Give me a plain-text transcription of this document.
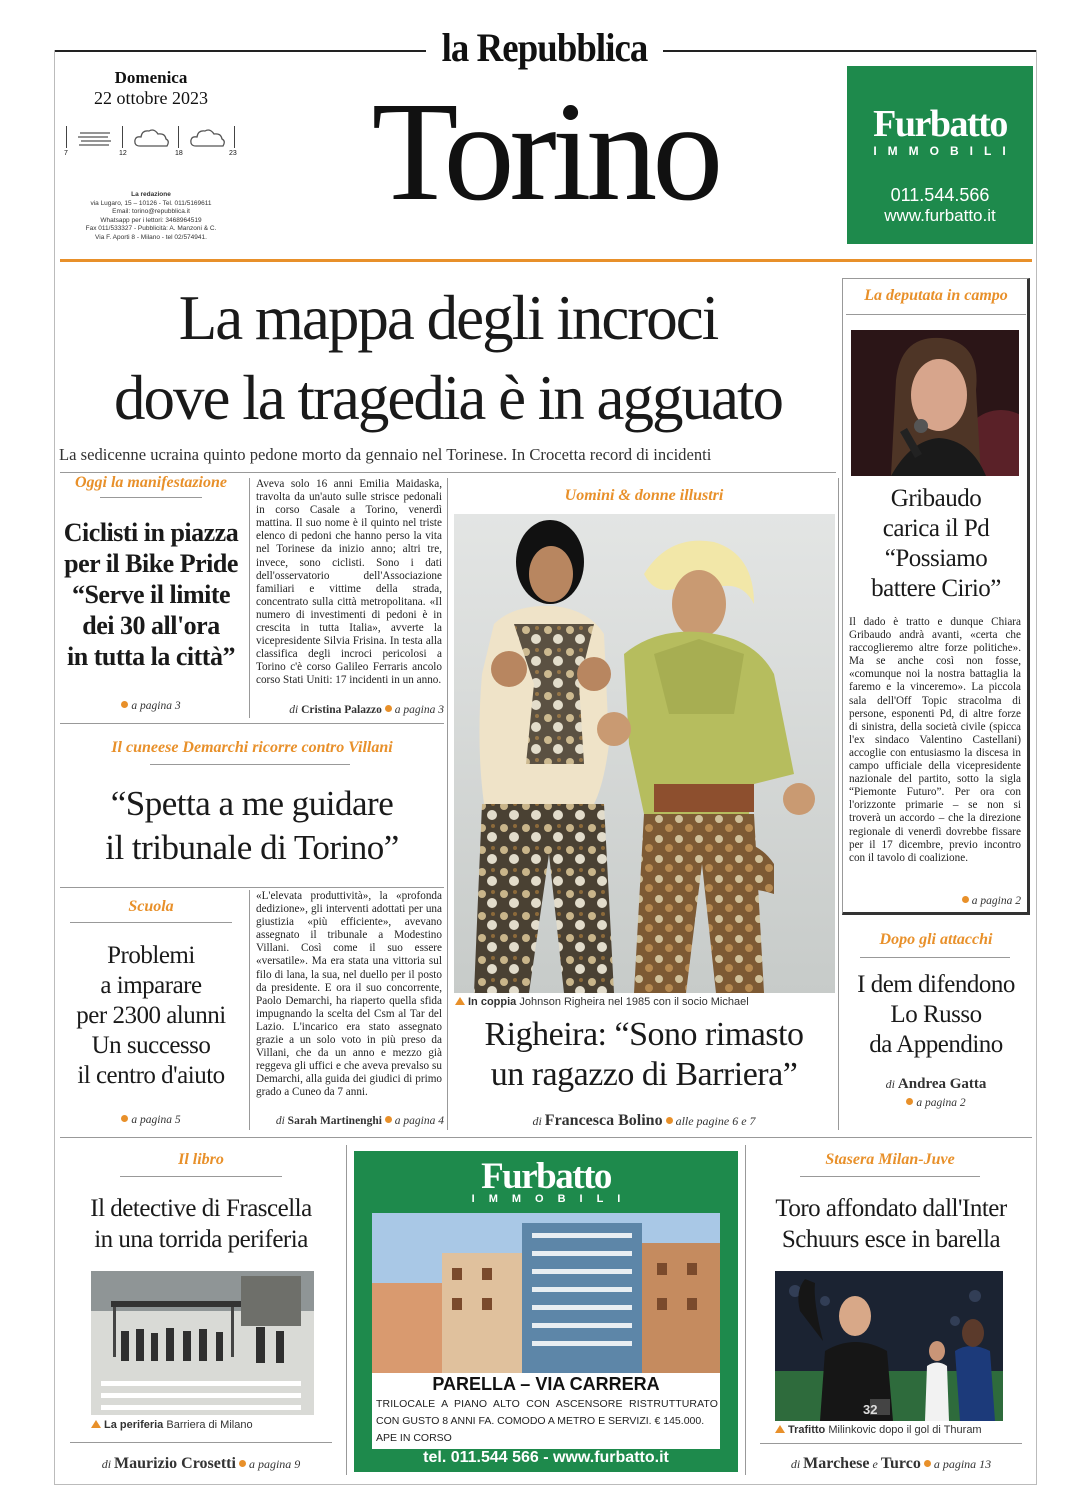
la Repubblica
Domenica
22 ottobre 2023
7	12	18	23
La redazione
via Lugaro, 15 – 10126 - Tel. 011/5169611
Email: torino@repubblica.it
Whatsapp per i lettori: 3468964519
Fax 011/533327 - Pubblicità: A. Manzoni & C.
Via F. Aporti 8 - Milano - tel 02/574941.
Torino	Furbatto
IMMOBILI
011.544.566
www.furbatto.it
La mappa degli incroci
dove la tragedia è in agguato
La sedicenne ucraina quinto pedone morto da gennaio nel Torinese. In Crocetta record di incidenti
Oggi la manifestazione
Ciclisti in piazza
per il Bike Pride
“Serve il limite
dei 30 all'ora
in tutta la città”
a pagina 3
Aveva solo 16 anni Emilia Maidaska, travolta da un'auto sulle strisce pedonali in corso Casale a Torino, venerdì mattina. Il suo nome è il quinto nel triste elenco di pedoni che hanno perso la vita nel Torinese da inizio anno; altri tre, invece, sono ciclisti. Sono i dati dell'osservatorio dell'Associazione familiari e vittime della strada, concentrato sulla città metropolitana. «Il numero di investimenti di pedoni è in crescita in tutta Italia», avverte la vicepresidente Silvia Frisina. In testa alla classifica degli incroci pericolosi a Torino c'è corso Galileo Ferraris ancolo corso Stati Uniti: 17 incidenti in un anno.
di Cristina Palazzo a pagina 3
Il cuneese Demarchi ricorre contro Villani
“Spetta a me guidare
il tribunale di Torino”
Scuola
Problemi
a imparare
per 2300 alunni
Un successo
il centro d'aiuto
a pagina 5
«L'elevata produttività», la «profonda dedizione», gli interventi adottati per una giustizia «più efficiente», avevano assegnato il tribunale a Modestino Villani. Così come il suo essere «versatile». Ma era stata una vittoria sul filo di lana, la sua, nel duello per il posto da presidente. E ora il suo concorrente, Paolo Demarchi, ha riaperto quella sfida impugnando la scelta del Csm al Tar del Lazio. L'incarico era stato assegnato grazie a un solo voto in più preso da Villani, che da un anno e mezzo già reggeva gli uffici e che aveva prevalso su Demarchi, alla guida dei giudici di primo grado a Cuneo da 7 anni.
di Sarah Martinenghi a pagina 4
Uomini & donne illustri
In coppia Johnson Righeira nel 1985 con il socio Michael
Righeira: “Sono rimasto
un ragazzo di Barriera”
di Francesca Bolino alle pagine 6 e 7
La deputata in campo
Gribaudo
carica il Pd
“Possiamo
battere Cirio”
Il dado è tratto e dunque Chiara Gribaudo andrà avanti, «certa che raccoglieremo altre forze politiche». Ma se anche così non fosse, «comunque noi la nostra battaglia la faremo e la vinceremo». La piccola sala dell'Off Topic stracolma di persone, esponenti Pd, di altre forze di sinistra, della società civile (spicca l'ex sindaco Valentino Castellani) accoglie con entusiasmo la discesa in campo ufficiale della vicepresidente nazionale del partito, sotto la sigla “Piemonte Futuro”. Per ora con l'orizzonte primarie – se non si troverà un accordo – che la direzione regionale di venerdì dovrebbe fissare per il 17 dicembre, previo incontro con il tavolo di coalizione.
a pagina 2
Dopo gli attacchi
I dem difendono
Lo Russo
da Appendino
di Andrea Gatta
a pagina 2
Il libro
Il detective di Frascella
in una torrida periferia
La periferia Barriera di Milano
di Maurizio Crosetti a pagina 9
Furbatto
IMMOBILI
PARELLA – VIA CARRERA
TRILOCALE A PIANO ALTO CON ASCENSORE RISTRUTTURATO
CON GUSTO 8 ANNI FA. COMODO A METRO E SERVIZI. € 145.000.
APE IN CORSO
tel. 011.544 566 - www.furbatto.it
Stasera Milan-Juve
Toro affondato dall'Inter
Schuurs esce in barella
32
Trafitto Milinkovic dopo il gol di Thuram
di Marchese e Turco a pagina 13
